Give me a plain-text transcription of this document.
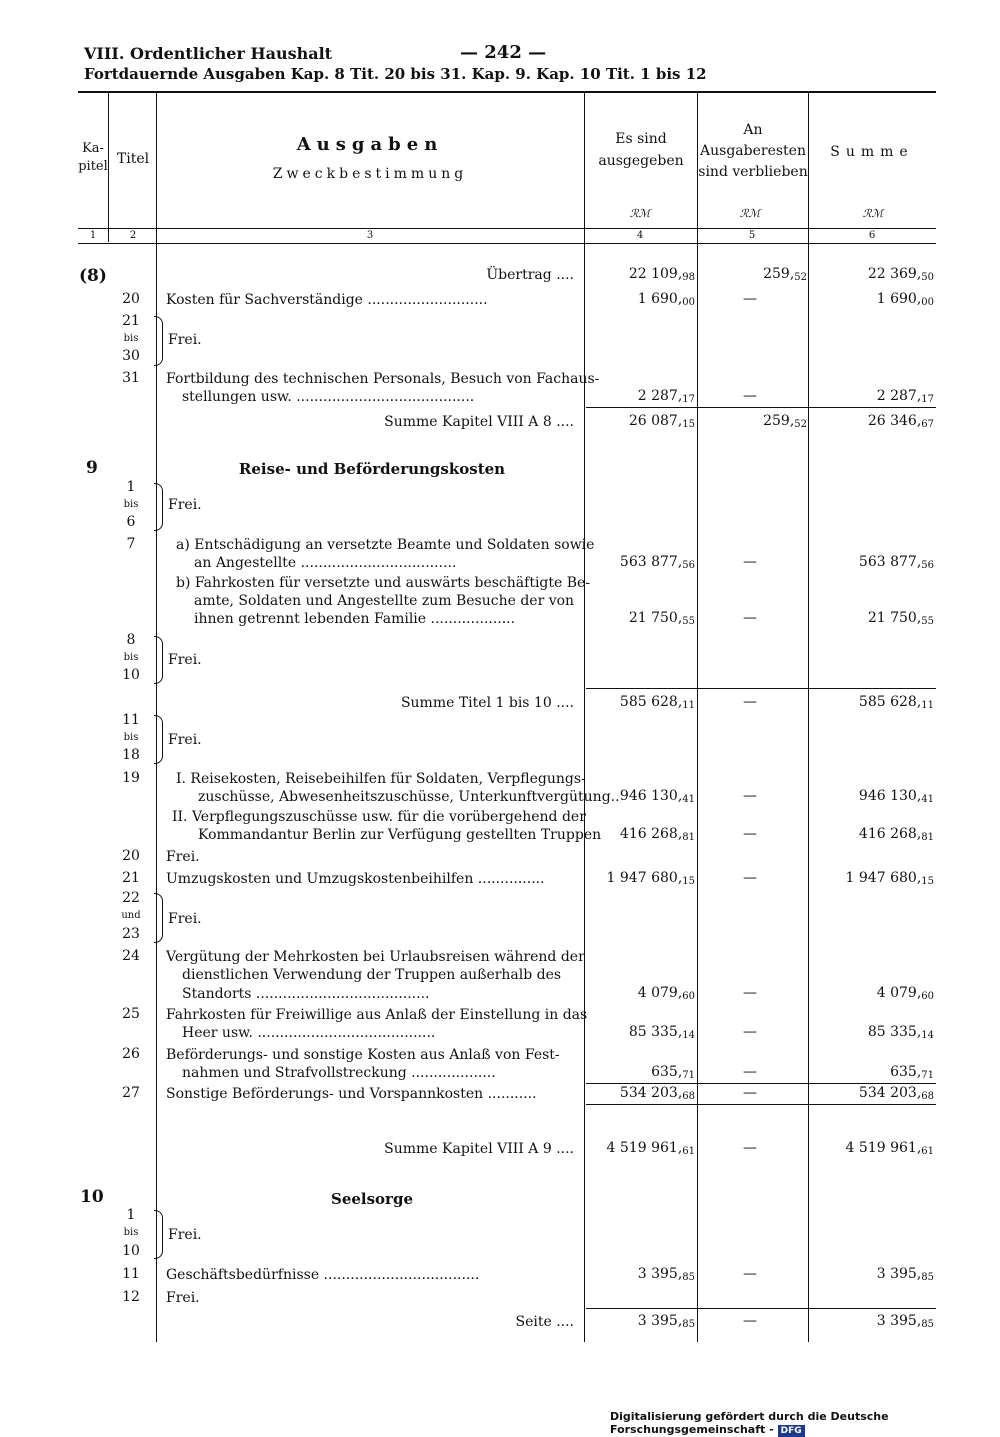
VIII. Ordentlicher Haushalt	— 242 —
Fortdauernde Ausgaben Kap. 8 Tit. 20 bis 31. Kap. 9. Kap. 10 Tit. 1 bis 12
Ka-
pitel Titel
Ausgaben
Zweckbestimmung
Es sind
ausgegeben
An
Ausgaberesten
sind verblieben
Summe
ℛℳ	ℛℳ	ℛℳ
1	2	3	4	5	6
(8)	Übertrag ....	22 $109,_{98}$	$259,_{52}$	22 $369,_{50}$
20	Kosten für Sachverständige ...........................	1 $690,_{00}$	—	1 $690,_{00}$
21
bis
30
Frei.
31	Fortbildung des technischen Personals, Besuch von Fachaus-
stellungen usw. ........................................	2 $287,_{17}$	—	2 $287,_{17}$
Summe Kapitel VIII A 8 ....	26 $087,_{15}$	$259,_{52}$	26 $346,_{67}$
9	Reise- und Beförderungskosten
1
bis
6
Frei.
7	a) Entschädigung an versetzte Beamte und Soldaten sowie
an Angestellte ...................................	563 $877,_{56}$	—	563 $877,_{56}$
b) Fahrkosten für versetzte und auswärts beschäftigte Be-
amte, Soldaten und Angestellte zum Besuche der von
ihnen getrennt lebenden Familie ...................	21 $750,_{55}$	—	21 $750,_{55}$
8
bis
10
Frei.
Summe Titel 1 bis 10 ....	585 $628,_{11}$	—	585 $628,_{11}$
11
bis
18
Frei.
19	I. Reisekosten, Reisebeihilfen für Soldaten, Verpflegungs-
zuschüsse, Abwesenheitszuschüsse, Unterkunftvergütung.. 946 $130,_{41}$	—	946 $130,_{41}$
II. Verpflegungszuschüsse usw. für die vorübergehend der
Kommandantur Berlin zur Verfügung gestellten Truppen 416 $268,_{81}$	—	416 $268,_{81}$
20	Frei.
21	Umzugskosten und Umzugskostenbeihilfen ...............	1 947 $680,_{15}$	—	1 947 $680,_{15}$
22
und
23
Frei.
24	Vergütung der Mehrkosten bei Urlaubsreisen während der
dienstlichen Verwendung der Truppen außerhalb des
Standorts .......................................	4 $079,_{60}$	—	4 $079,_{60}$
25	Fahrkosten für Freiwillige aus Anlaß der Einstellung in das
Heer usw. ........................................	85 $335,_{14}$	—	85 $335,_{14}$
26	Beförderungs- und sonstige Kosten aus Anlaß von Fest-
nahmen und Strafvollstreckung ...................	$635,_{71}$	—	$635,_{71}$
27	Sonstige Beförderungs- und Vorspannkosten ...........	534 $203,_{68}$	—	534 $203,_{68}$
Summe Kapitel VIII A 9 .... 4 519 $961,_{61}$	—	4 519 $961,_{61}$
10	Seelsorge
1
bis
10
Frei.
11	Geschäftsbedürfnisse ...................................	3 $395,_{85}$	—	3 $395,_{85}$
12	Frei.
Seite ....	3 $395,_{85}$	—	3 $395,_{85}$
Digitalisierung gefördert durch die Deutsche Forschungsgemeinschaft - DFG
